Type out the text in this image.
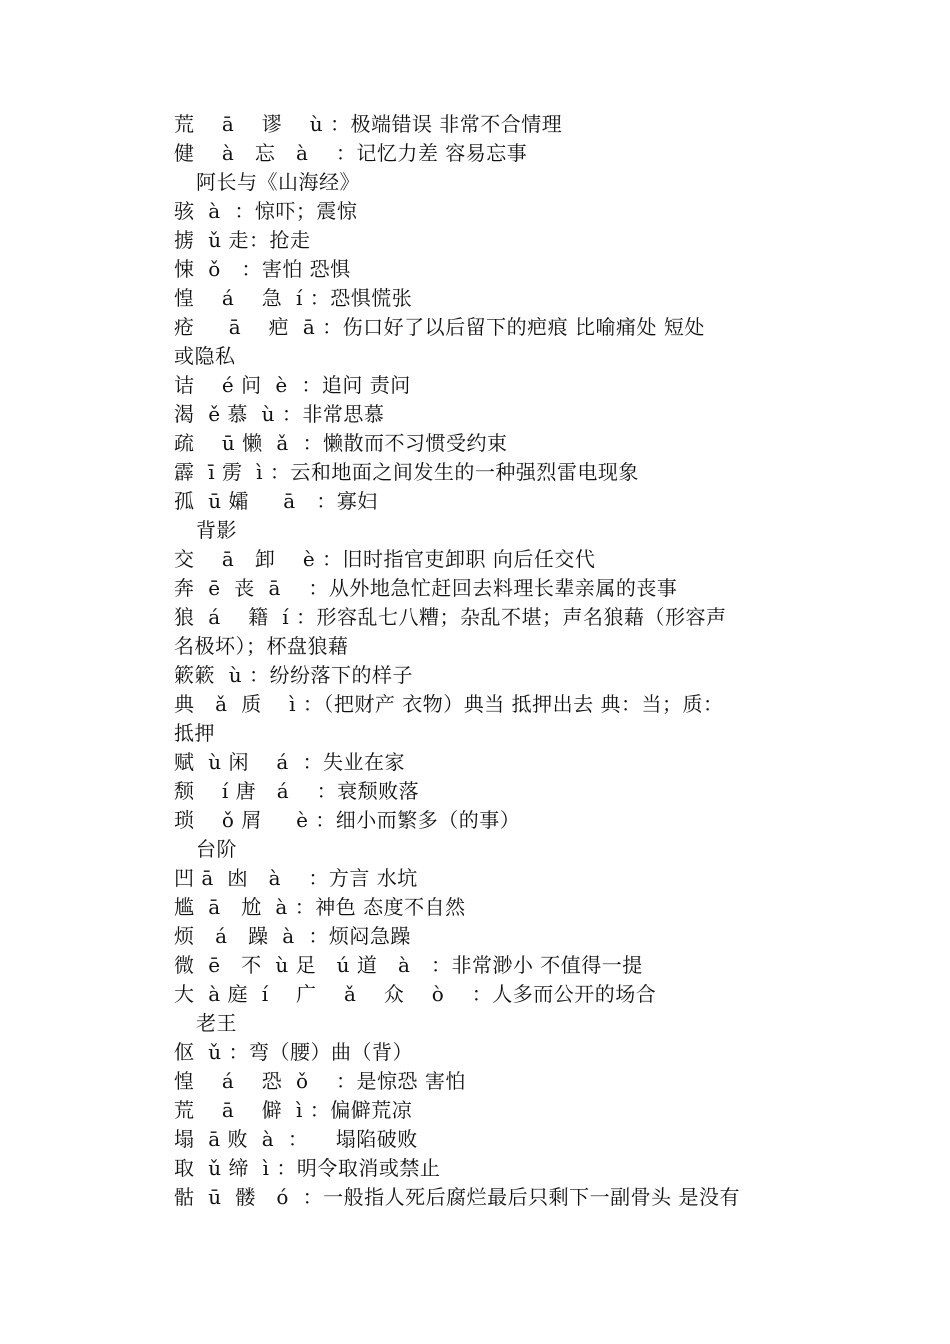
荒    ā    谬    ù ：极端错误 非常不合情理
健    à   忘   à    ：记忆力差 容易忘事
阿长与《山海经》
骇  à  ：惊吓；震惊
掳  ǔ 走：抢走
悚  ǒ   ：害怕 恐惧
惶    á    急  í ：恐惧慌张
疮     ā    疤  ā ：伤口好了以后留下的疤痕 比喻痛处 短处
或隐私
诘    é 问  è  ：追问 责问
渴  ě 慕  ù ：非常思慕
疏    ū 懒  ǎ  ：懒散而不习惯受约束
霹  ī 雳  ì ：云和地面之间发生的一种强烈雷电现象
孤  ū 孀     ā   ：寡妇
背影
交    ā   卸    è ：旧时指官吏卸职 向后任交代
奔  ē  丧  ā    ：从外地急忙赶回去料理长辈亲属的丧事
狼  á    籍  í ：形容乱七八糟；杂乱不堪；声名狼藉（形容声
名极坏）；杯盘狼藉
簌簌  ù ：纷纷落下的样子
典   ǎ  质    ì ：（把财产 衣物）典当 抵押出去 典：当；质：
抵押
赋  ù 闲    á  ：失业在家
颓    í 唐   á    ：衰颓败落
琐    ǒ 屑     è ：细小而繁多（的事）
台阶
凹 ā  凼   à    ：方言 水坑
尴  ā   尬  à ：神色 态度不自然
烦   á   躁  à  ：烦闷急躁
微  ē   不  ù 足   ú 道   à   ：非常渺小 不值得一提
大  à 庭  í    广    ǎ    众    ò    ：人多而公开的场合
老王
伛  ǔ ：弯（腰）曲（背）
惶    á    恐  ǒ    ：是惊恐 害怕
荒    ā    僻  ì ：偏僻荒凉
塌  ā 败  à  ：    塌陷破败
取  ǔ 缔  ì ：明令取消或禁止
骷  ū  髅   ó  ：一般指人死后腐烂最后只剩下一副骨头 是没有
